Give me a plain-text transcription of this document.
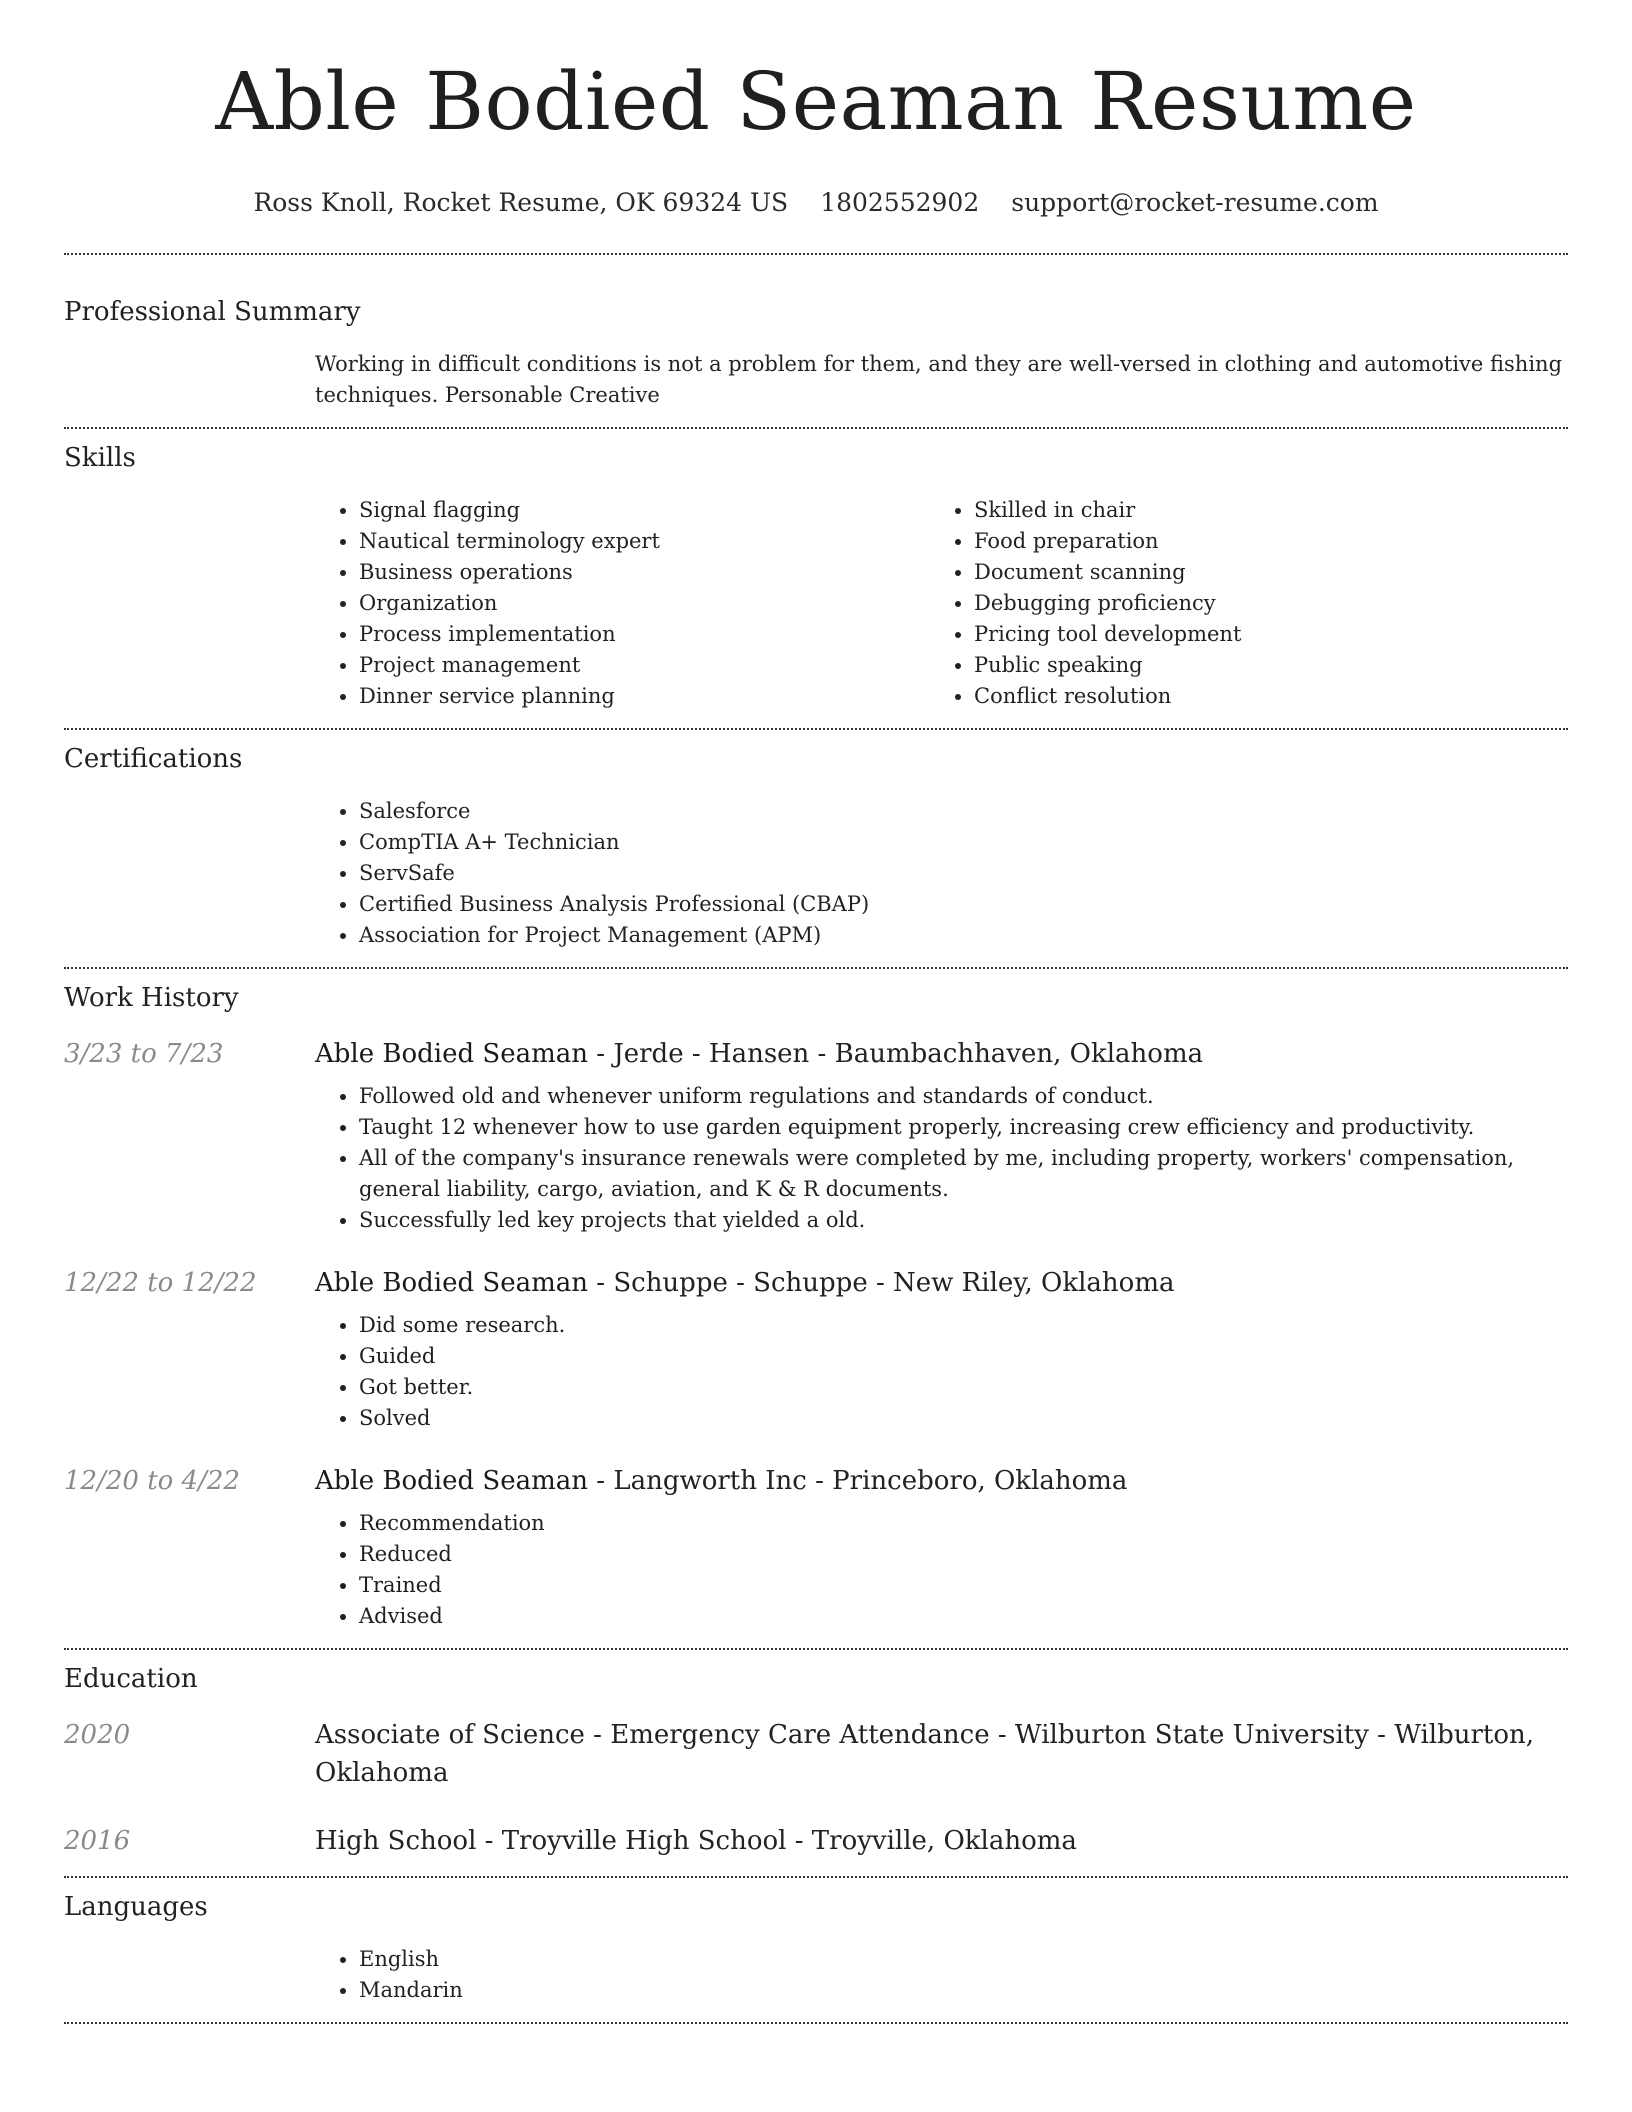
Able Bodied Seaman Resume
Ross Knoll, Rocket Resume, OK 69324 US 1802552902 support@rocket-resume.com
Professional Summary
Working in difficult conditions is not a problem for them, and they are well-versed in clothing and automotive fishing techniques. Personable Creative
Skills
• Signal flagging
• Nautical terminology expert
• Business operations
• Organization
• Process implementation
• Project management
• Dinner service planning
• Skilled in chair
• Food preparation
• Document scanning
• Debugging proficiency
• Pricing tool development
• Public speaking
• Conflict resolution
Certifications
• Salesforce
• CompTIA A+ Technician
• ServSafe
• Certified Business Analysis Professional (CBAP)
• Association for Project Management (APM)
Work History
3/23 to 7/23	Able Bodied Seaman - Jerde - Hansen - Baumbachhaven, Oklahoma
• Followed old and whenever uniform regulations and standards of conduct.
• Taught 12 whenever how to use garden equipment properly, increasing crew efficiency and productivity.
• All of the company's insurance renewals were completed by me, including property, workers' compensation, general liability, cargo, aviation, and K & R documents.
• Successfully led key projects that yielded a old.
12/22 to 12/22	Able Bodied Seaman - Schuppe - Schuppe - New Riley, Oklahoma
• Did some research.
• Guided
• Got better.
• Solved
12/20 to 4/22	Able Bodied Seaman - Langworth Inc - Princeboro, Oklahoma
• Recommendation
• Reduced
• Trained
• Advised
Education
2020	Associate of Science - Emergency Care Attendance - Wilburton State University - Wilburton, Oklahoma
2016	High School - Troyville High School - Troyville, Oklahoma
Languages
• English
• Mandarin
